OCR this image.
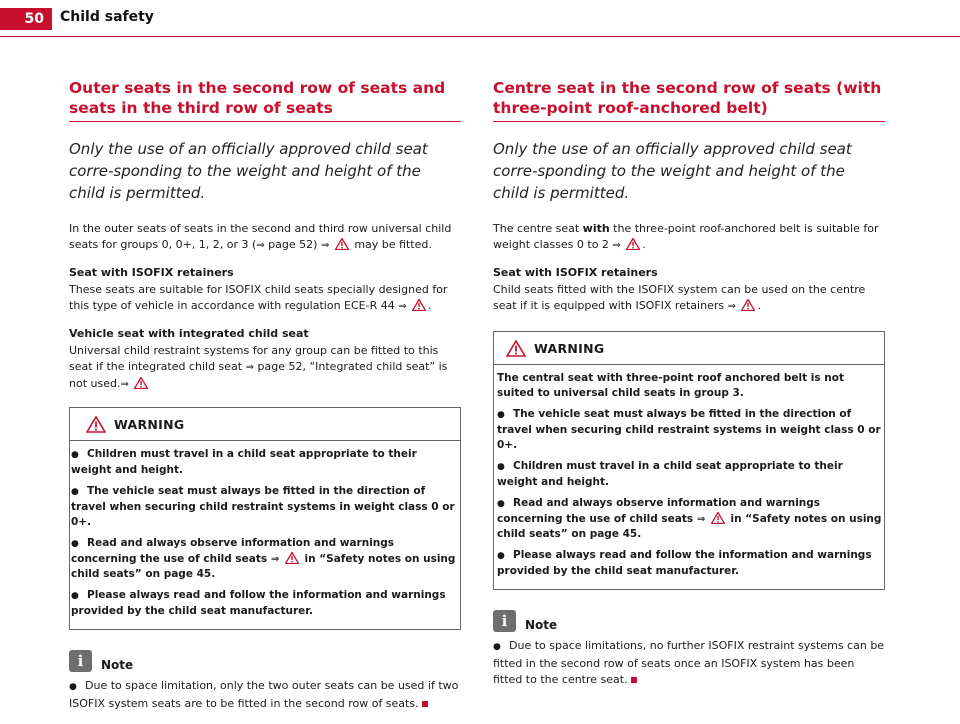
50	Child safety
Outer seats in the second row of seats and seats in the third row of seats
Only the use of an officially approved child seat corre-sponding to the weight and height of the child is permitted.

In the outer seats of seats in the second and third row universal child seats for groups 0, 0+, 1, 2, or 3 (⇒ page 52) ⇒  may be fitted.

Seat with ISOFIX retainers

These seats are suitable for ISOFIX child seats specially designed for this type of vehicle in accordance with regulation ECE-R 44 ⇒ .

Vehicle seat with integrated child seat

Universal child restraint systems for any group can be fitted to this seat if the integrated child seat ⇒ page 52, “Integrated child seat” is not used.⇒

WARNING

● Children must travel in a child seat appropriate to their weight and height.

● The vehicle seat must always be fitted in the direction of travel when securing child restraint systems in weight class 0 or 0+.

● Read and always observe information and warnings concerning the use of child seats ⇒  in “Safety notes on using child seats” on page 45.

● Please always read and follow the information and warnings provided by the child seat manufacturer.

i	Note

● Due to space limitation, only the two outer seats can be used if two ISOFIX system seats are to be fitted in the second row of seats.

Centre seat in the second row of seats (with three-point roof-anchored belt)
Only the use of an officially approved child seat corre-sponding to the weight and height of the child is permitted.

The centre seat with the three-point roof-anchored belt is suitable for weight classes 0 to 2 ⇒ .

Seat with ISOFIX retainers

Child seats fitted with the ISOFIX system can be used on the centre seat if it is equipped with ISOFIX retainers ⇒ .

WARNING

The central seat with three-point roof anchored belt is not suited to universal child seats in group 3.

● The vehicle seat must always be fitted in the direction of travel when securing child restraint systems in weight class 0 or 0+.

● Children must travel in a child seat appropriate to their weight and height.

● Read and always observe information and warnings concerning the use of child seats ⇒  in “Safety notes on using child seats” on page 45.

● Please always read and follow the information and warnings provided by the child seat manufacturer.

i	Note

● Due to space limitations, no further ISOFIX restraint systems can be fitted in the second row of seats once an ISOFIX system has been fitted to the centre seat.
